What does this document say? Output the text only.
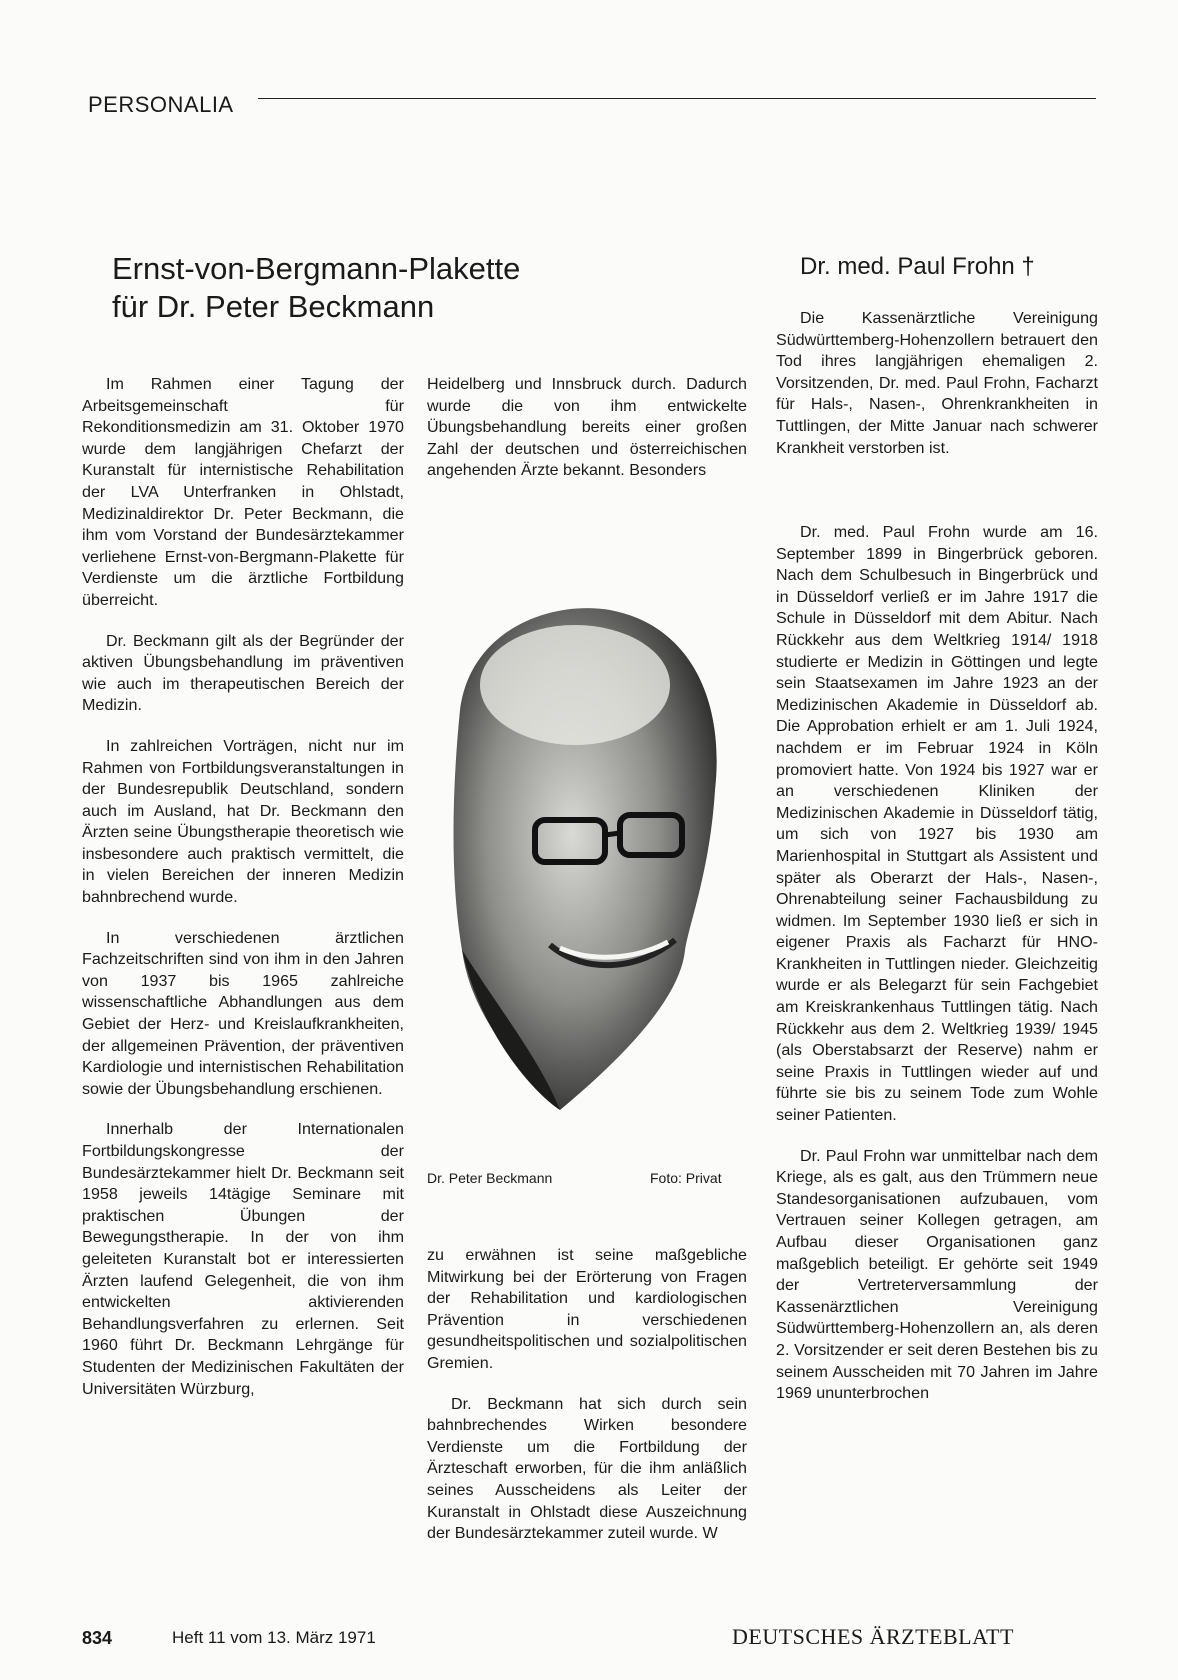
PERSONALIA
Ernst-von-Bergmann-Plakette
für Dr. Peter Beckmann
Dr. med. Paul Frohn †

Im Rahmen einer Tagung der Arbeitsgemeinschaft für Rekonditionsmedizin am 31. Oktober 1970 wurde dem langjährigen Chefarzt der Kuranstalt für internistische Rehabilitation der LVA Unterfranken in Ohlstadt, Medizinaldirektor Dr. Peter Beckmann, die ihm vom Vorstand der Bundesärztekammer verliehene Ernst-von-Bergmann-Plakette für Verdienste um die ärztliche Fortbildung überreicht.

Dr. Beckmann gilt als der Begründer der aktiven Übungsbehandlung im präventiven wie auch im therapeutischen Bereich der Medizin.

In zahlreichen Vorträgen, nicht nur im Rahmen von Fortbildungsveranstaltungen in der Bundesrepublik Deutschland, sondern auch im Ausland, hat Dr. Beckmann den Ärzten seine Übungstherapie theoretisch wie insbesondere auch praktisch vermittelt, die in vielen Bereichen der inneren Medizin bahnbrechend wurde.

In verschiedenen ärztlichen Fachzeitschriften sind von ihm in den Jahren von 1937 bis 1965 zahlreiche wissenschaftliche Abhandlungen aus dem Gebiet der Herz- und Kreislaufkrankheiten, der allgemeinen Prävention, der präventiven Kardiologie und internistischen Rehabilitation sowie der Übungsbehandlung erschienen.

Innerhalb der Internationalen Fortbildungskongresse der Bundesärztekammer hielt Dr. Beckmann seit 1958 jeweils 14tägige Seminare mit praktischen Übungen der Bewegungstherapie. In der von ihm geleiteten Kuranstalt bot er interessierten Ärzten laufend Gelegenheit, die von ihm entwickelten aktivierenden Behandlungsverfahren zu erlernen. Seit 1960 führt Dr. Beckmann Lehrgänge für Studenten der Medizinischen Fakultäten der Universitäten Würzburg,

Heidelberg und Innsbruck durch. Dadurch wurde die von ihm entwickelte Übungsbehandlung bereits einer großen Zahl der deutschen und österreichischen angehenden Ärzte bekannt. Besonders

Dr. Peter Beckmann	Foto: Privat

zu erwähnen ist seine maßgebliche Mitwirkung bei der Erörterung von Fragen der Rehabilitation und kardiologischen Prävention in verschiedenen gesundheitspolitischen und sozialpolitischen Gremien.

Dr. Beckmann hat sich durch sein bahnbrechendes Wirken besondere Verdienste um die Fortbildung der Ärzteschaft erworben, für die ihm anläßlich seines Ausscheidens als Leiter der Kuranstalt in Ohlstadt diese Auszeichnung der Bundesärztekammer zuteil wurde. W

Die Kassenärztliche Vereinigung Südwürttemberg-Hohenzollern betrauert den Tod ihres langjährigen ehemaligen 2. Vorsitzenden, Dr. med. Paul Frohn, Facharzt für Hals-, Nasen-, Ohrenkrankheiten in Tuttlingen, der Mitte Januar nach schwerer Krankheit verstorben ist.

Dr. med. Paul Frohn wurde am 16. September 1899 in Bingerbrück geboren. Nach dem Schulbesuch in Bingerbrück und in Düsseldorf verließ er im Jahre 1917 die Schule in Düsseldorf mit dem Abitur. Nach Rückkehr aus dem Weltkrieg 1914/ 1918 studierte er Medizin in Göttingen und legte sein Staatsexamen im Jahre 1923 an der Medizinischen Akademie in Düsseldorf ab. Die Approbation erhielt er am 1. Juli 1924, nachdem er im Februar 1924 in Köln promoviert hatte. Von 1924 bis 1927 war er an verschiedenen Kliniken der Medizinischen Akademie in Düsseldorf tätig, um sich von 1927 bis 1930 am Marienhospital in Stuttgart als Assistent und später als Oberarzt der Hals-, Nasen-, Ohrenabteilung seiner Fachausbildung zu widmen. Im September 1930 ließ er sich in eigener Praxis als Facharzt für HNO-Krankheiten in Tuttlingen nieder. Gleichzeitig wurde er als Belegarzt für sein Fachgebiet am Kreiskrankenhaus Tuttlingen tätig. Nach Rückkehr aus dem 2. Weltkrieg 1939/ 1945 (als Oberstabsarzt der Reserve) nahm er seine Praxis in Tuttlingen wieder auf und führte sie bis zu seinem Tode zum Wohle seiner Patienten.

Dr. Paul Frohn war unmittelbar nach dem Kriege, als es galt, aus den Trümmern neue Standesorganisationen aufzubauen, vom Vertrauen seiner Kollegen getragen, am Aufbau dieser Organisationen ganz maßgeblich beteiligt. Er gehörte seit 1949 der Vertreterversammlung der Kassenärztlichen Vereinigung Südwürttemberg-Hohenzollern an, als deren 2. Vorsitzender er seit deren Bestehen bis zu seinem Ausscheiden mit 70 Jahren im Jahre 1969 ununterbrochen

834	Heft 11 vom 13. März 1971	DEUTSCHES ÄRZTEBLATT
